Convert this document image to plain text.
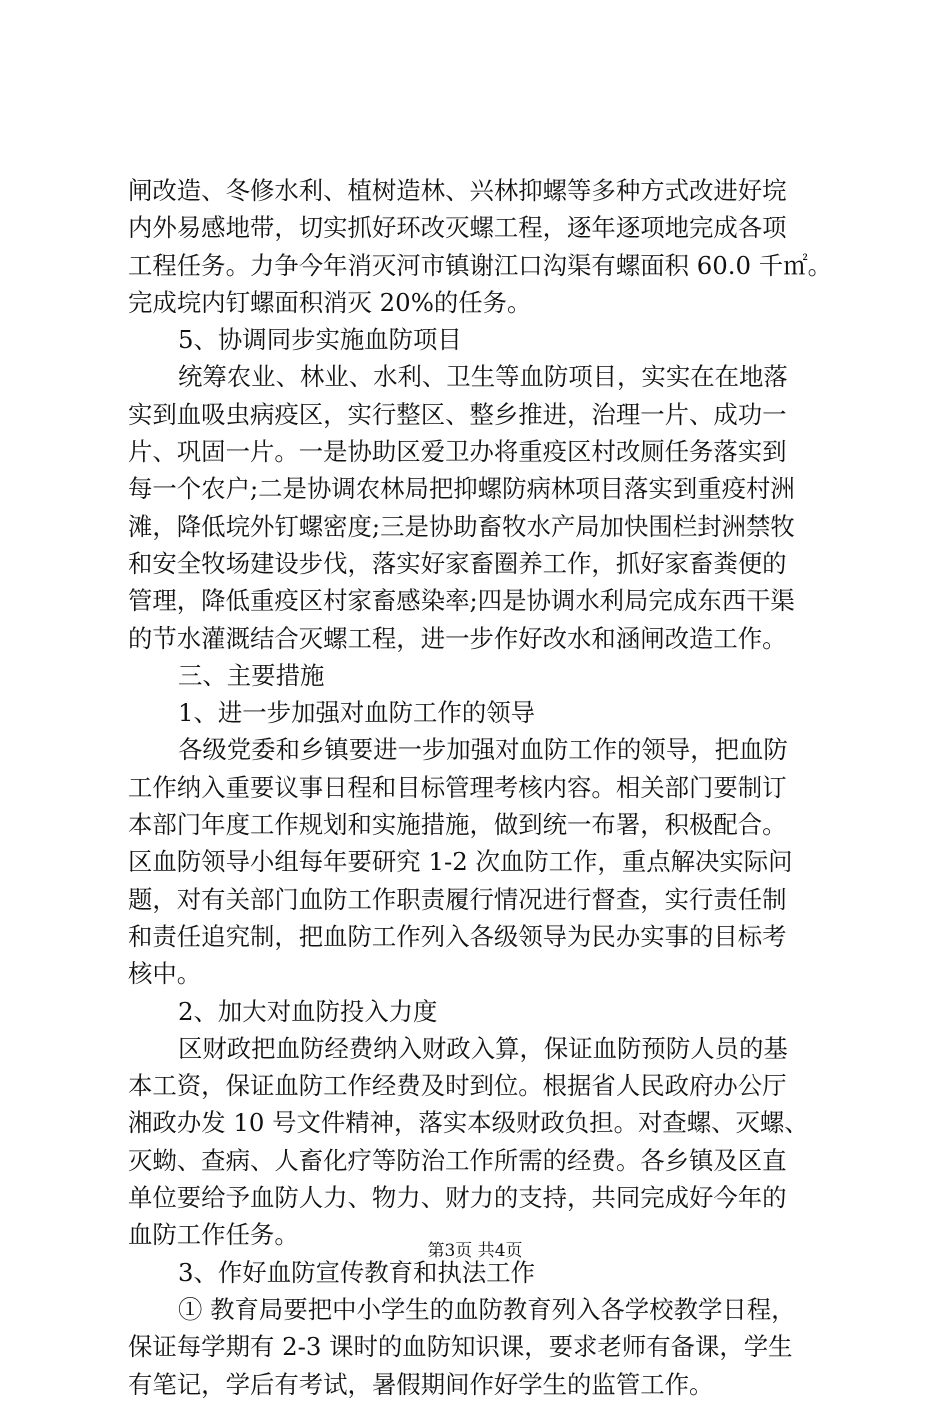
闸改造、冬修水利、植树造林、兴林抑螺等多种方式改进好垸
内外易感地带，切实抓好环改灭螺工程，逐年逐项地完成各项
工程任务。力争今年消灭河市镇谢江口沟渠有螺面积 60.0 千㎡。
完成垸内钉螺面积消灭 20%的任务。
5、协调同步实施血防项目
统筹农业、林业、水利、卫生等血防项目，实实在在地落
实到血吸虫病疫区，实行整区、整乡推进，治理一片、成功一
片、巩固一片。一是协助区爱卫办将重疫区村改厕任务落实到
每一个农户;二是协调农林局把抑螺防病林项目落实到重疫村洲
滩，降低垸外钉螺密度;三是协助畜牧水产局加快围栏封洲禁牧
和安全牧场建设步伐，落实好家畜圈养工作，抓好家畜粪便的
管理，降低重疫区村家畜感染率;四是协调水利局完成东西干渠
的节水灌溉结合灭螺工程，进一步作好改水和涵闸改造工作。
三、主要措施
1、进一步加强对血防工作的领导
各级党委和乡镇要进一步加强对血防工作的领导，把血防
工作纳入重要议事日程和目标管理考核内容。相关部门要制订
本部门年度工作规划和实施措施，做到统一布署，积极配合。
区血防领导小组每年要研究 1-2 次血防工作，重点解决实际问
题，对有关部门血防工作职责履行情况进行督查，实行责任制
和责任追究制，把血防工作列入各级领导为民办实事的目标考
核中。
2、加大对血防投入力度
区财政把血防经费纳入财政入算，保证血防预防人员的基
本工资，保证血防工作经费及时到位。根据省人民政府办公厅
湘政办发 10 号文件精神，落实本级财政负担。对查螺、灭螺、
灭蚴、查病、人畜化疗等防治工作所需的经费。各乡镇及区直
单位要给予血防人力、物力、财力的支持，共同完成好今年的
血防工作任务。
3、作好血防宣传教育和执法工作
① 教育局要把中小学生的血防教育列入各学校教学日程，
保证每学期有 2-3 课时的血防知识课，要求老师有备课，学生
有笔记，学后有考试，暑假期间作好学生的监管工作。
第3页 共4页
